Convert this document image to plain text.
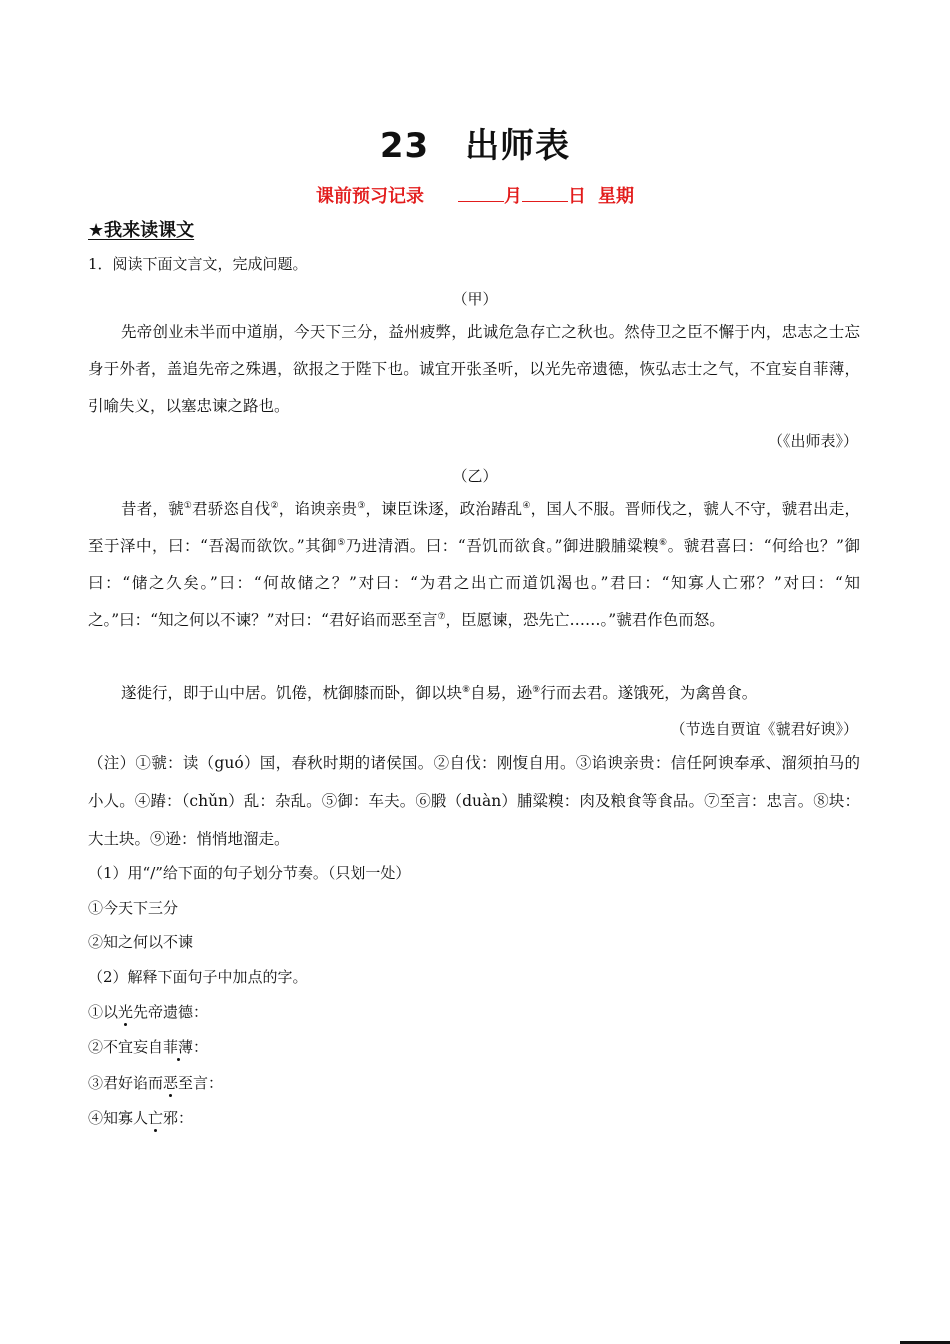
23 出师表
课前预习记录	月	日 星期
★我来读课文
1．阅读下面文言文，完成问题。
（甲）
先帝创业未半而中道崩，今天下三分，益州疲弊，此诚危急存亡之秋也。然侍卫之臣不懈于内，忠志之士忘身于外者，盖追先帝之殊遇，欲报之于陛下也。诚宜开张圣听，以光先帝遗德，恢弘志士之气，不宜妄自菲薄，引喻失义，以塞忠谏之路也。
（《出师表》）
（乙）
昔者，虢①君骄恣自伐②，谄谀亲贵③，谏臣诛逐，政治踳乱④，国人不服。晋师伐之，虢人不守，虢君出走，至于泽中，曰：“吾渴而欲饮。”其御⑤乃进清酒。曰：“吾饥而欲食。”御进腶脯粱糗⑥。虢君喜曰：“何给也？”御曰：“储之久矣。”曰：“何故储之？”对曰：“为君之出亡而道饥渴也。”君曰：“知寡人亡邪？”对曰：“知之。”曰：“知之何以不谏？”对曰：“君好谄而恶至言⑦，臣愿谏，恐先亡……。”虢君作色而怒。
遂徙行，即于山中居。饥倦，枕御膝而卧，御以块⑧自易，逊⑨行而去君。遂饿死，为禽兽食。
（节选自贾谊《虢君好谀》）
（注）①虢：读（guó）国，春秋时期的诸侯国。②自伐：刚愎自用。③谄谀亲贵：信任阿谀奉承、溜须拍马的小人。④踳：（chǔn）乱：杂乱。⑤御：车夫。⑥腶（duàn）脯粱糗：肉及粮食等食品。⑦至言：忠言。⑧块：大土块。⑨逊：悄悄地溜走。
（1）用“/”给下面的句子划分节奏。（只划一处）
①今天下三分
②知之何以不谏
（2）解释下面句子中加点的字。
①以光先帝遗德：
②不宜妄自菲薄：
③君好谄而恶至言：
④知寡人亡邪：
